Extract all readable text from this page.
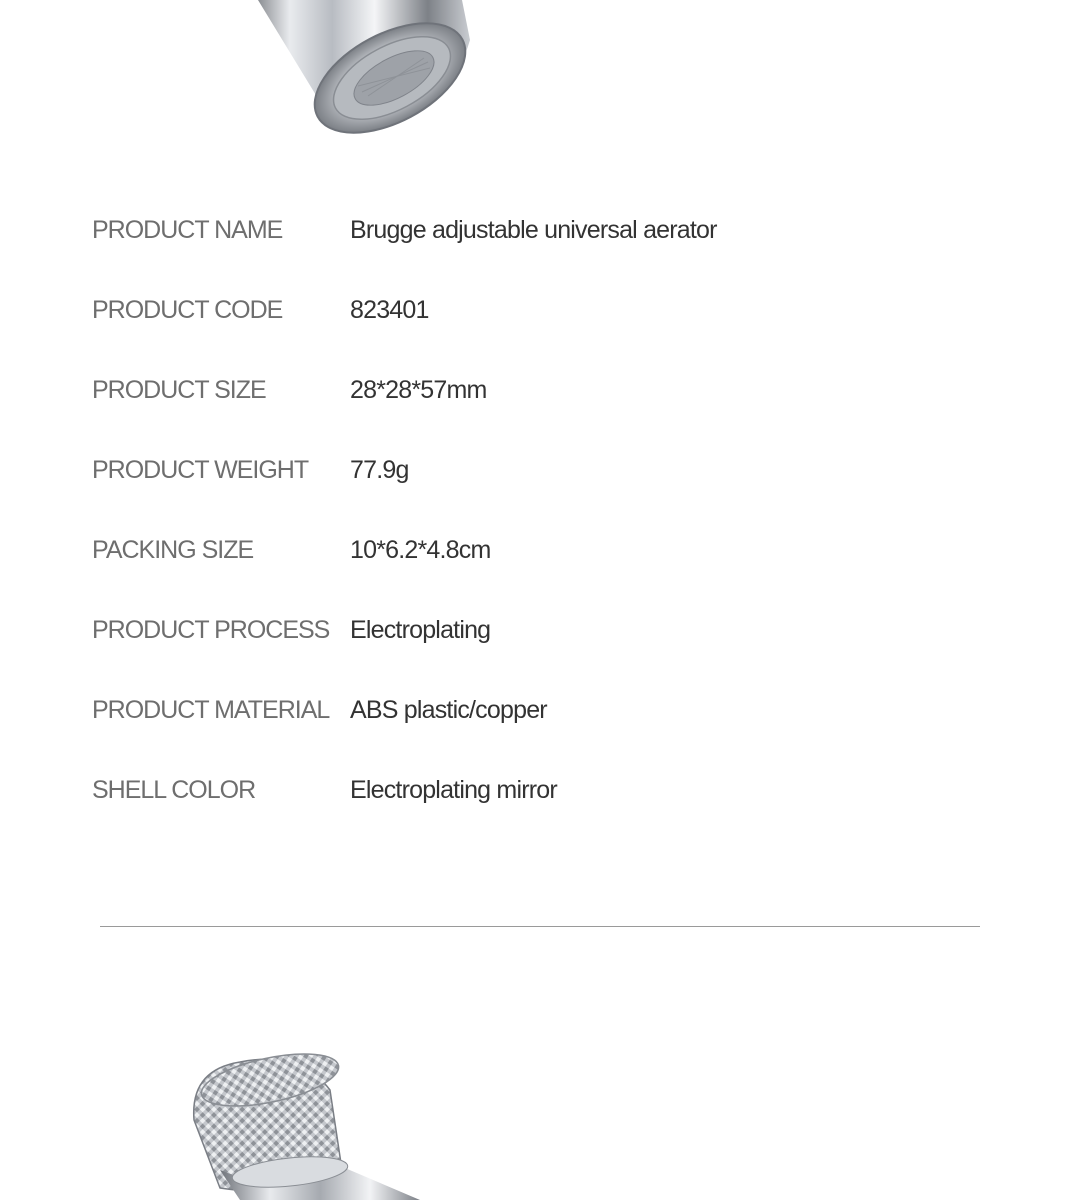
PRODUCT NAME	Brugge adjustable universal aerator
PRODUCT CODE	823401
PRODUCT SIZE	28*28*57mm
PRODUCT WEIGHT	77.9g
PACKING SIZE	10*6.2*4.8cm
PRODUCT PROCESS Electroplating
PRODUCT MATERIAL ABS plastic/copper
SHELL COLOR	Electroplating mirror
